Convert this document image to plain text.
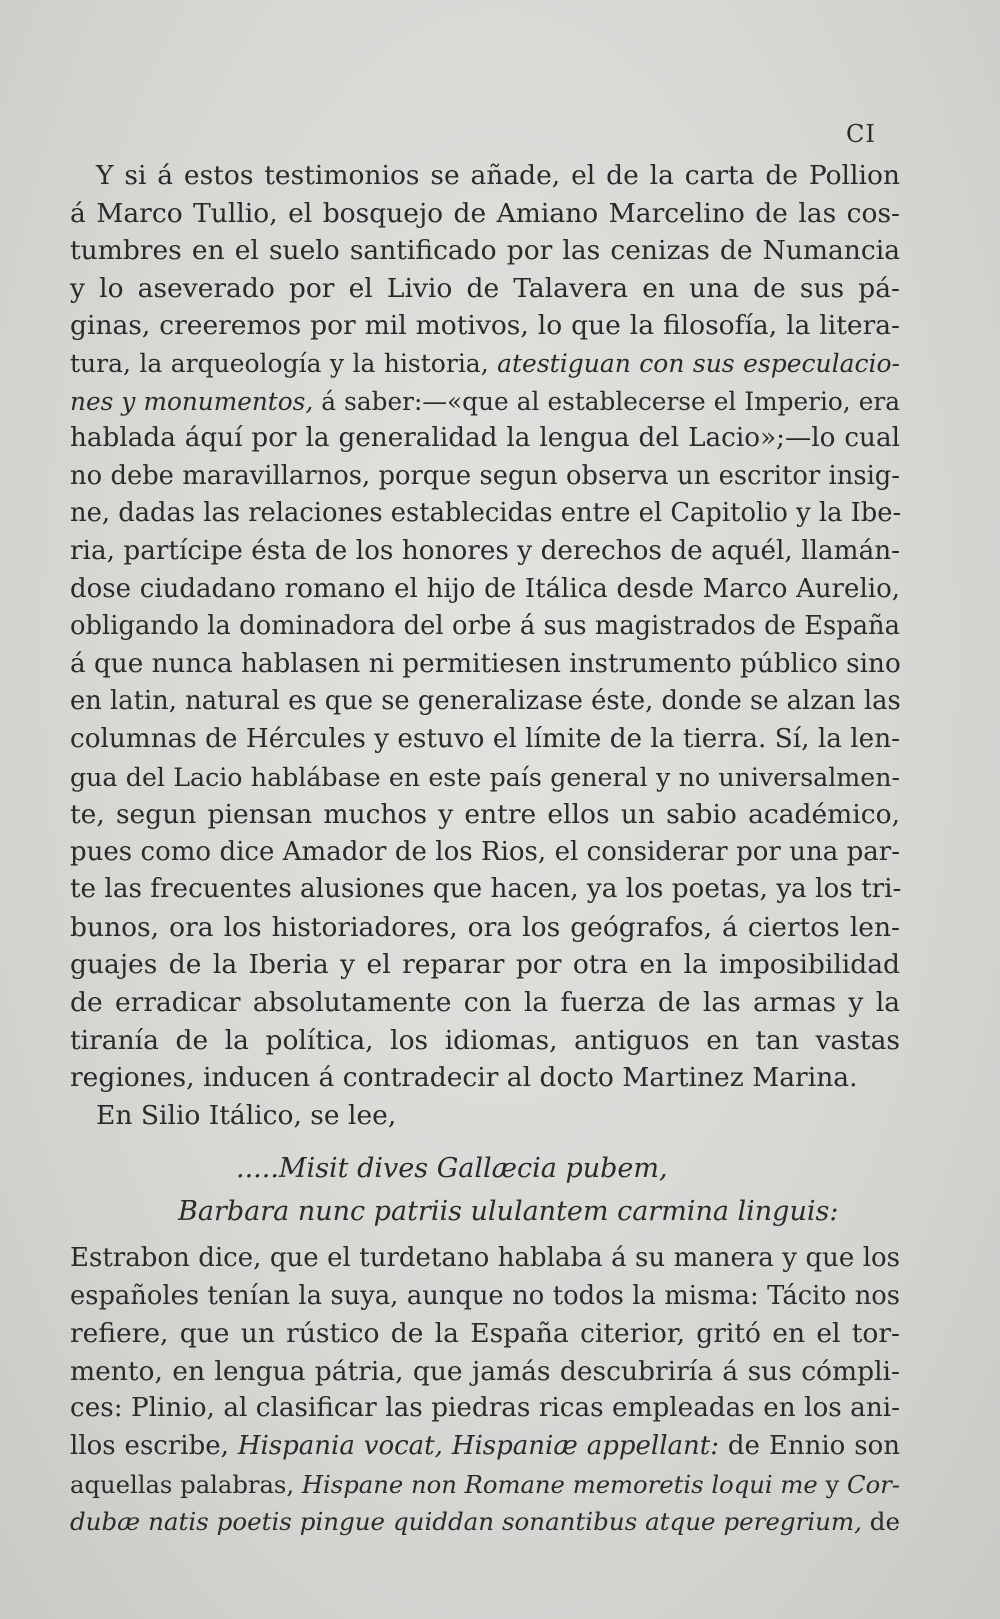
CI
Y si á estos testimonios se añade, el de la carta de Pollion
á Marco Tullio, el bosquejo de Amiano Marcelino de las cos-
tumbres en el suelo santificado por las cenizas de Numancia
y lo aseverado por el Livio de Talavera en una de sus pá-
ginas, creeremos por mil motivos, lo que la filosofía, la litera-
tura, la arqueología y la historia, atestiguan con sus especulacio-
nes y monumentos, á saber:—«que al establecerse el Imperio, era
hablada áquí por la generalidad la lengua del Lacio»;—lo cual
no debe maravillarnos, porque segun observa un escritor insig-
ne, dadas las relaciones establecidas entre el Capitolio y la Ibe-
ria, partícipe ésta de los honores y derechos de aquél, llamán-
dose ciudadano romano el hijo de Itálica desde Marco Aurelio,
obligando la dominadora del orbe á sus magistrados de España
á que nunca hablasen ni permitiesen instrumento público sino
en latin, natural es que se generalizase éste, donde se alzan las
columnas de Hércules y estuvo el límite de la tierra. Sí, la len-
gua del Lacio hablábase en este país general y no universalmen-
te, segun piensan muchos y entre ellos un sabio académico,
pues como dice Amador de los Rios, el considerar por una par-
te las frecuentes alusiones que hacen, ya los poetas, ya los tri-
bunos, ora los historiadores, ora los geógrafos, á ciertos len-
guajes de la Iberia y el reparar por otra en la imposibilidad
de erradicar absolutamente con la fuerza de las armas y la
tiranía de la política, los idiomas, antiguos en tan vastas
regiones, inducen á contradecir al docto Martinez Marina.
En Silio Itálico, se lee,
.....Misit dives Gallæcia pubem,
Barbara nunc patriis ululantem carmina linguis:
Estrabon dice, que el turdetano hablaba á su manera y que los
españoles tenían la suya, aunque no todos la misma: Tácito nos
refiere, que un rústico de la España citerior, gritó en el tor-
mento, en lengua pátria, que jamás descubriría á sus cómpli-
ces: Plinio, al clasificar las piedras ricas empleadas en los ani-
llos escribe, Hispania vocat, Hispaniæ appellant: de Ennio son
aquellas palabras, Hispane non Romane memoretis loqui me y Cor-
dubæ natis poetis pingue quiddan sonantibus atque peregrium, de
